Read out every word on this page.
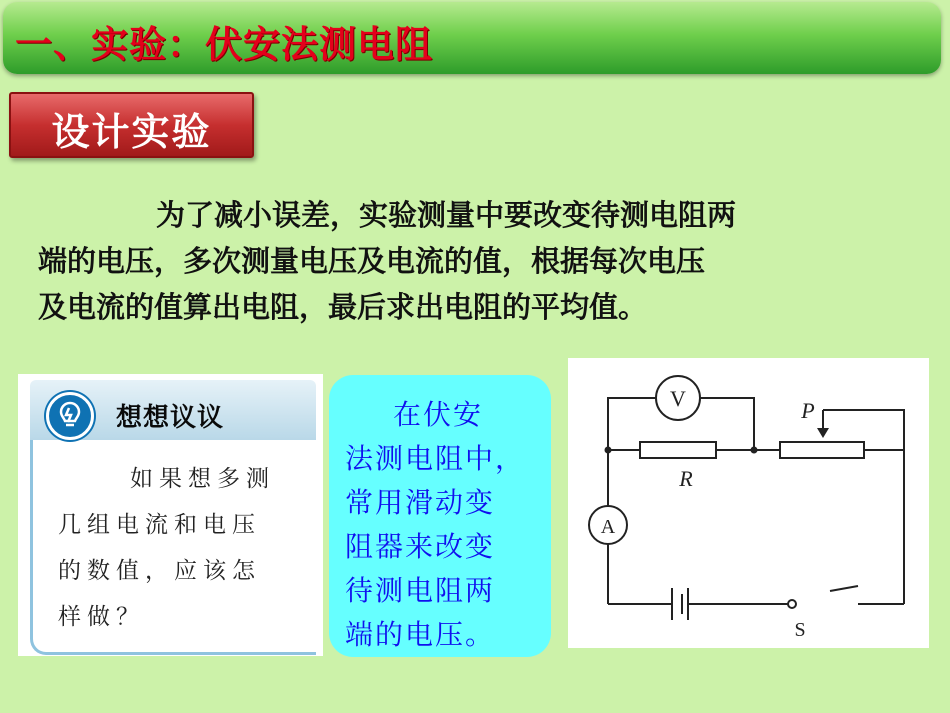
一、实验：伏安法测电阻
设计实验
为了减小误差，实验测量中要改变待测电阻两
端的电压，多次测量电压及电流的值，根据每次电压
及电流的值算出电阻，最后求出电阻的平均值。
想想议议
如果想多测
几组电流和电压
的数值，应该怎
样做？
在伏安
法测电阻中，
常用滑动变
阻器来改变
待测电阻两
端的电压。
V
A
R
P
S
